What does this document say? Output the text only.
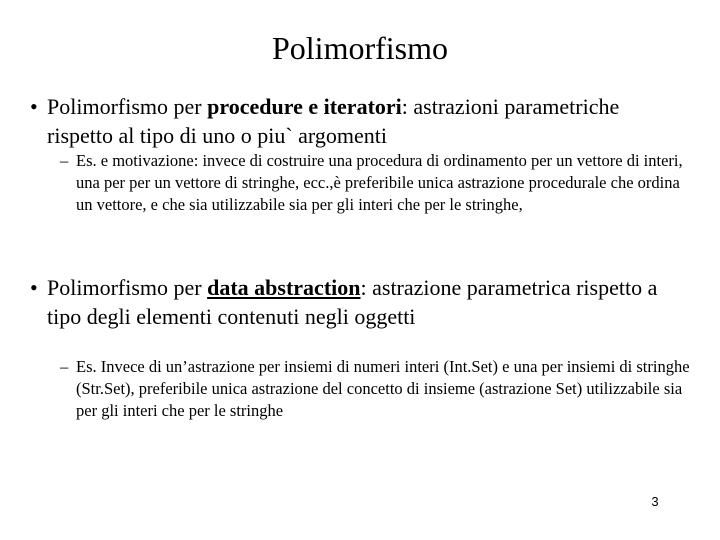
Polimorfismo
• Polimorfismo per procedure e iteratori: astrazioni parametriche rispetto al tipo di uno o piu` argomenti
– Es. e motivazione: invece di costruire una procedura di ordinamento per un vettore di interi, una per per un vettore di stringhe, ecc.,è preferibile unica astrazione procedurale che ordina un vettore, e che sia utilizzabile sia per gli interi che per le stringhe,
• Polimorfismo per data abstraction: astrazione parametrica rispetto a tipo degli elementi contenuti negli oggetti
– Es. Invece di un’astrazione per insiemi di numeri interi (Int.Set) e una per insiemi di stringhe (Str.Set), preferibile unica astrazione del concetto di insieme (astrazione Set) utilizzabile sia per gli interi che per le stringhe
3
